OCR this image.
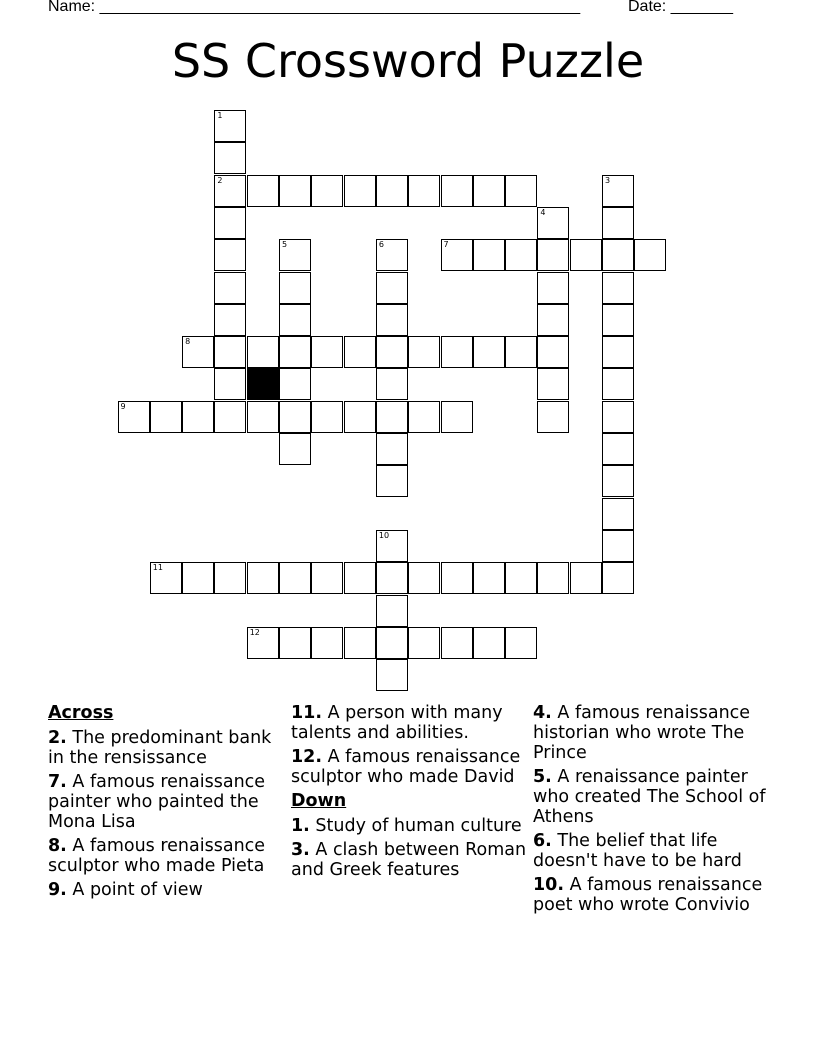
Name: ______________________________________________________	Date: _______
SS Crossword Puzzle
2
7
8
9
11
12
1
3
4
5	6
10
Across
2. The predominant bank in the rensissance
7. A famous renaissance painter who painted the Mona Lisa
8. A famous renaissance sculptor who made Pieta
9. A point of view
11. A person with many talents and abilities.
12. A famous renaissance sculptor who made David
Down
1. Study of human culture
3. A clash between Roman and Greek features
4. A famous renaissance historian who wrote The Prince
5. A renaissance painter who created The School of Athens
6. The belief that life doesn't have to be hard
10. A famous renaissance poet who wrote Convivio
